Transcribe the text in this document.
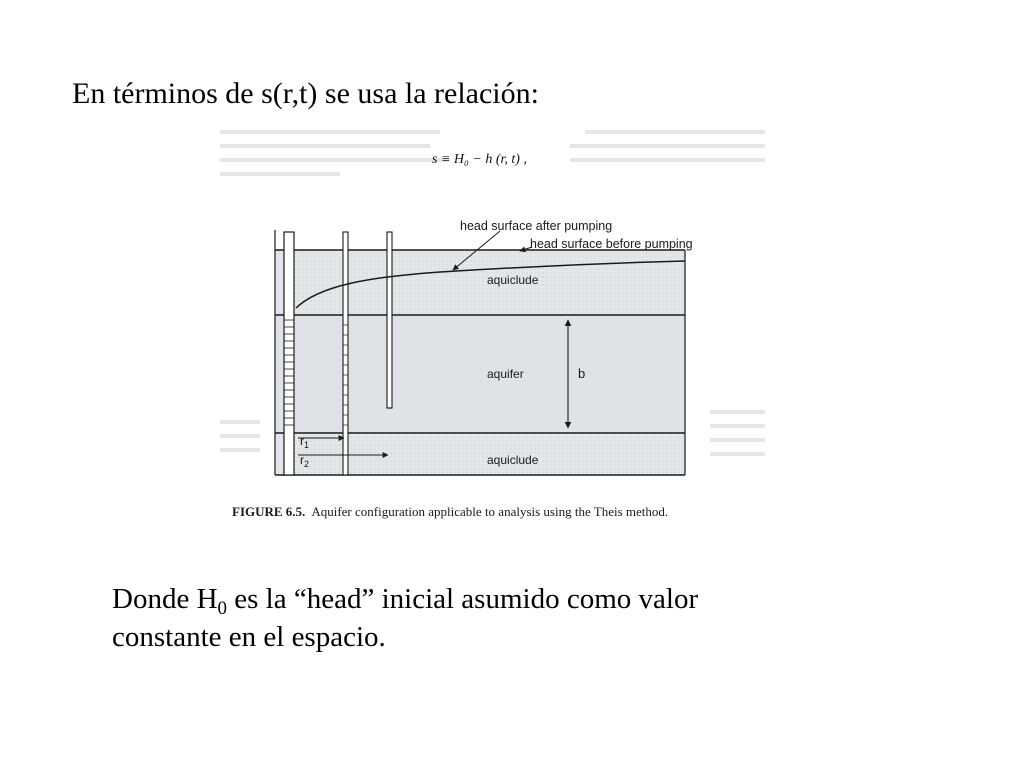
En términos de s(r,t) se usa la relación:
s ≡ H₀ − h (r, t) ,
head surface after pumping
head surface before pumping
aquiclude
aquifer
aquiclude
b
$r_1$
$r_2$
FIGURE 6.5. Aquifer configuration applicable to analysis using the Theis method.
Donde $H_0$ es la “head” inicial asumido como valor
constante en el espacio.
